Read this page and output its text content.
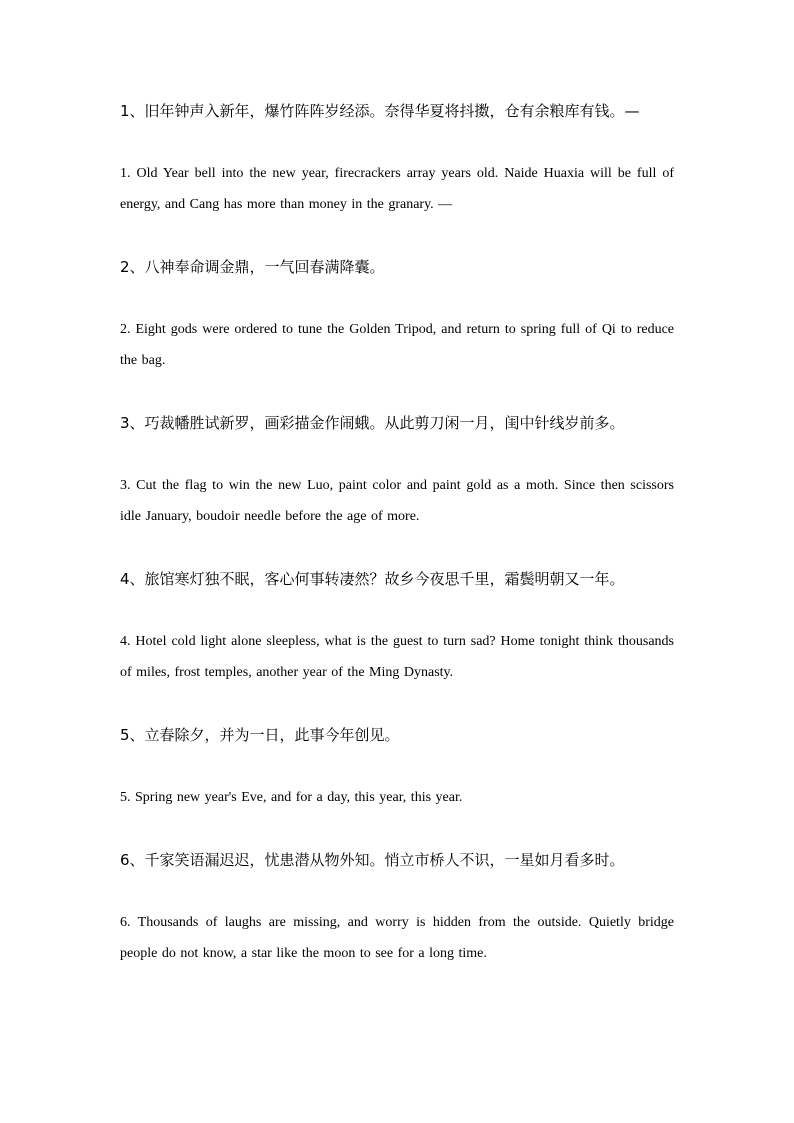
1、旧年钟声入新年，爆竹阵阵岁经添。奈得华夏将抖擞，仓有余粮库有钱。—

1. Old Year bell into the new year, firecrackers array years old. Naide Huaxia will be full of energy, and Cang has more than money in the granary. —

2、八神奉命调金鼎，一气回春满降囊。

2. Eight gods were ordered to tune the Golden Tripod, and return to spring full of Qi to reduce the bag.

3、巧裁幡胜试新罗，画彩描金作闹蛾。从此剪刀闲一月，闺中针线岁前多。

3. Cut the flag to win the new Luo, paint color and paint gold as a moth. Since then scissors idle January, boudoir needle before the age of more.

4、旅馆寒灯独不眠，客心何事转凄然？故乡今夜思千里，霜鬓明朝又一年。

4. Hotel cold light alone sleepless, what is the guest to turn sad? Home tonight think thousands of miles, frost temples, another year of the Ming Dynasty.

5、立春除夕，并为一日，此事今年创见。

5. Spring new year's Eve, and for a day, this year, this year.

6、千家笑语漏迟迟，忧患潜从物外知。悄立市桥人不识，一星如月看多时。

6. Thousands of laughs are missing, and worry is hidden from the outside. Quietly bridge people do not know, a star like the moon to see for a long time.
